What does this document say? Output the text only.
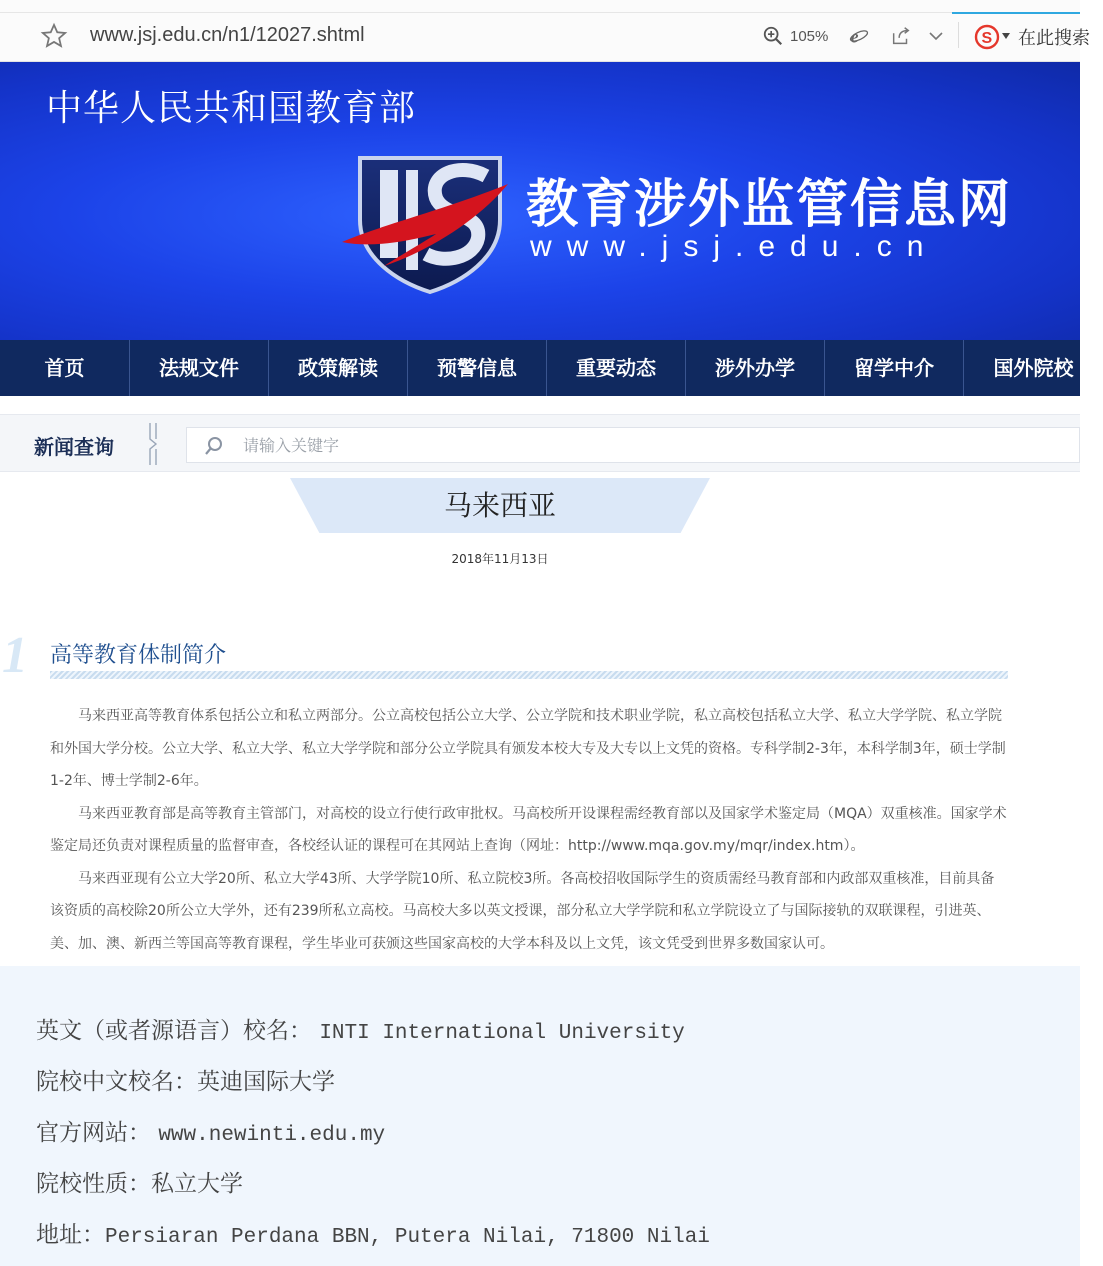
www.jsj.edu.cn/n1/12027.shtml	105% e	S 在此搜索
中华人民共和国教育部
教育涉外监管信息网
www.jsj.edu.cn
首页	法规文件	政策解读	预警信息	重要动态	涉外办学	留学中介	国外院校
新闻查询
请输入关键字
马来西亚
2018年11月13日
1 高等教育体制简介

马来西亚高等教育体系包括公立和私立两部分。公立高校包括公立大学、公立学院和技术职业学院，私立高校包括私立大学、私立大学学院、私立学院和外国大学分校。公立大学、私立大学、私立大学学院和部分公立学院具有颁发本校大专及大专以上文凭的资格。专科学制2-3年，本科学制3年，硕士学制1-2年、博士学制2-6年。

马来西亚教育部是高等教育主管部门，对高校的设立行使行政审批权。马高校所开设课程需经教育部以及国家学术鉴定局（MQA）双重核准。国家学术鉴定局还负责对课程质量的监督审查，各校经认证的课程可在其网站上查询（网址：http://www.mqa.gov.my/mqr/index.htm）。

马来西亚现有公立大学20所、私立大学43所、大学学院10所、私立院校3所。各高校招收国际学生的资质需经马教育部和内政部双重核准，目前具备该资质的高校除20所公立大学外，还有239所私立高校。马高校大多以英文授课，部分私立大学学院和私立学院设立了与国际接轨的双联课程，引进英、美、加、澳、新西兰等国高等教育课程，学生毕业可获颁这些国家高校的大学本科及以上文凭，该文凭受到世界多数国家认可。

英文（或者源语言）校名： INTI International University
院校中文校名：英迪国际大学
官方网站： www.newinti.edu.my
院校性质：私立大学
地址：Persiaran Perdana BBN, Putera Nilai, 71800 Nilai
